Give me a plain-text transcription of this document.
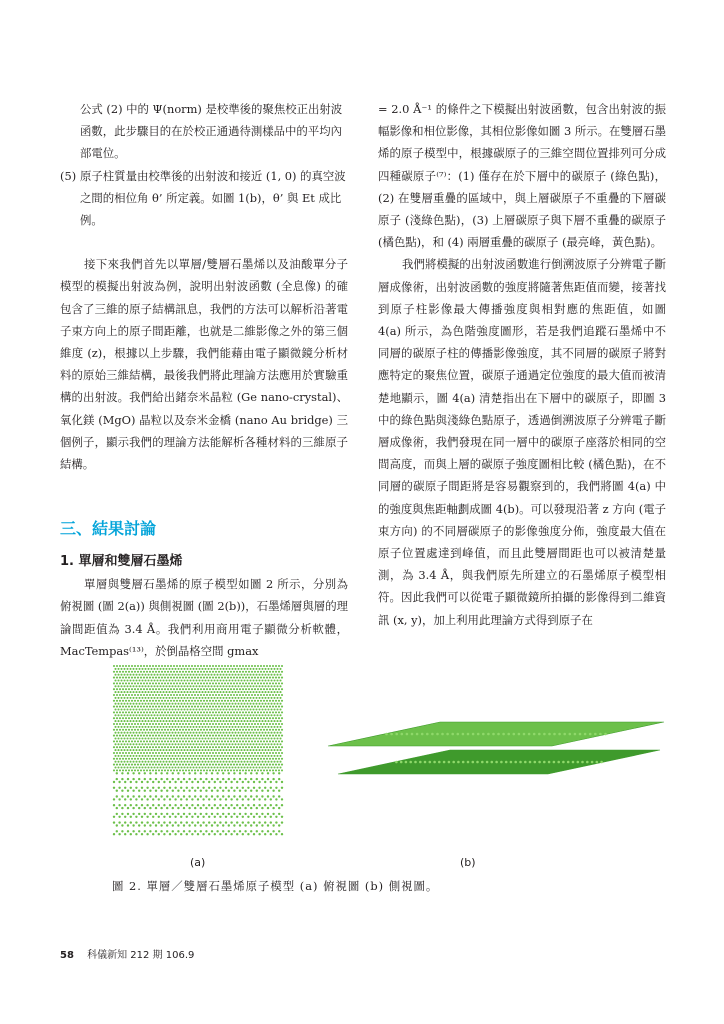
公式 (2) 中的 Ψ(norm) 是校準後的聚焦校正出射波函數，此步驟目的在於校正通過待測樣品中的平均內部電位。

(5) 原子柱質量由校準後的出射波和接近 (1, 0) 的真空波之間的相位角 θ’ 所定義。如圖 1(b)，θ’ 與 Et 成比例。

接下來我們首先以單層/雙層石墨烯以及油酸單分子模型的模擬出射波為例，說明出射波函數 (全息像) 的確包含了三維的原子結構訊息，我們的方法可以解析沿著電子束方向上的原子間距離，也就是二維影像之外的第三個維度 (z)，根據以上步驟，我們能藉由電子顯微鏡分析材料的原始三維結構，最後我們將此理論方法應用於實驗重構的出射波。我們給出鍺奈米晶粒 (Ge nano-crystal)、氧化鎂 (MgO) 晶粒以及奈米金橋 (nano Au bridge) 三個例子，顯示我們的理論方法能解析各種材料的三維原子結構。

三、結果討論
1. 單層和雙層石墨烯

單層與雙層石墨烯的原子模型如圖 2 所示，分別為俯視圖 (圖 2(a)) 與側視圖 (圖 2(b))，石墨烯層與層的理論間距值為 3.4 Å。我們利用商用電子顯微分析軟體，MacTempas⁽¹³⁾，於倒晶格空間 gmax

= 2.0 Å⁻¹ 的條件之下模擬出射波函數，包含出射波的振幅影像和相位影像，其相位影像如圖 3 所示。在雙層石墨烯的原子模型中，根據碳原子的三維空間位置排列可分成四種碳原子⁽⁷⁾：(1) 僅存在於下層中的碳原子 (綠色點)，(2) 在雙層重疊的區域中，與上層碳原子不重疊的下層碳原子 (淺綠色點)，(3) 上層碳原子與下層不重疊的碳原子 (橘色點)，和 (4) 兩層重疊的碳原子 (最亮峰，黃色點)。

我們將模擬的出射波函數進行倒溯波原子分辨電子斷層成像術，出射波函數的強度將隨著焦距值而變，接著找到原子柱影像最大傳播強度與相對應的焦距值，如圖 4(a) 所示，為色階強度圖形，若是我們追蹤石墨烯中不同層的碳原子柱的傳播影像強度，其不同層的碳原子將對應特定的聚焦位置，碳原子通過定位強度的最大值而被清楚地顯示，圖 4(a) 清楚指出在下層中的碳原子，即圖 3 中的綠色點與淺綠色點原子，透過倒溯波原子分辨電子斷層成像術，我們發現在同一層中的碳原子座落於相同的空間高度，而與上層的碳原子強度圖相比較 (橘色點)，在不同層的碳原子間距將是容易觀察到的，我們將圖 4(a) 中的強度與焦距軸劃成圖 4(b)。可以發現沿著 z 方向 (電子束方向) 的不同層碳原子的影像強度分佈，強度最大值在原子位置處達到峰值，而且此雙層間距也可以被清楚量測，為 3.4 Å，與我們原先所建立的石墨烯原子模型相符。因此我們可以從電子顯微鏡所拍攝的影像得到二維資訊 (x, y)，加上利用此理論方式得到原子在

(a)	(b)
圖 2. 單層／雙層石墨烯原子模型 (a) 俯視圖 (b) 側視圖。
58 科儀新知 212 期 106.9
